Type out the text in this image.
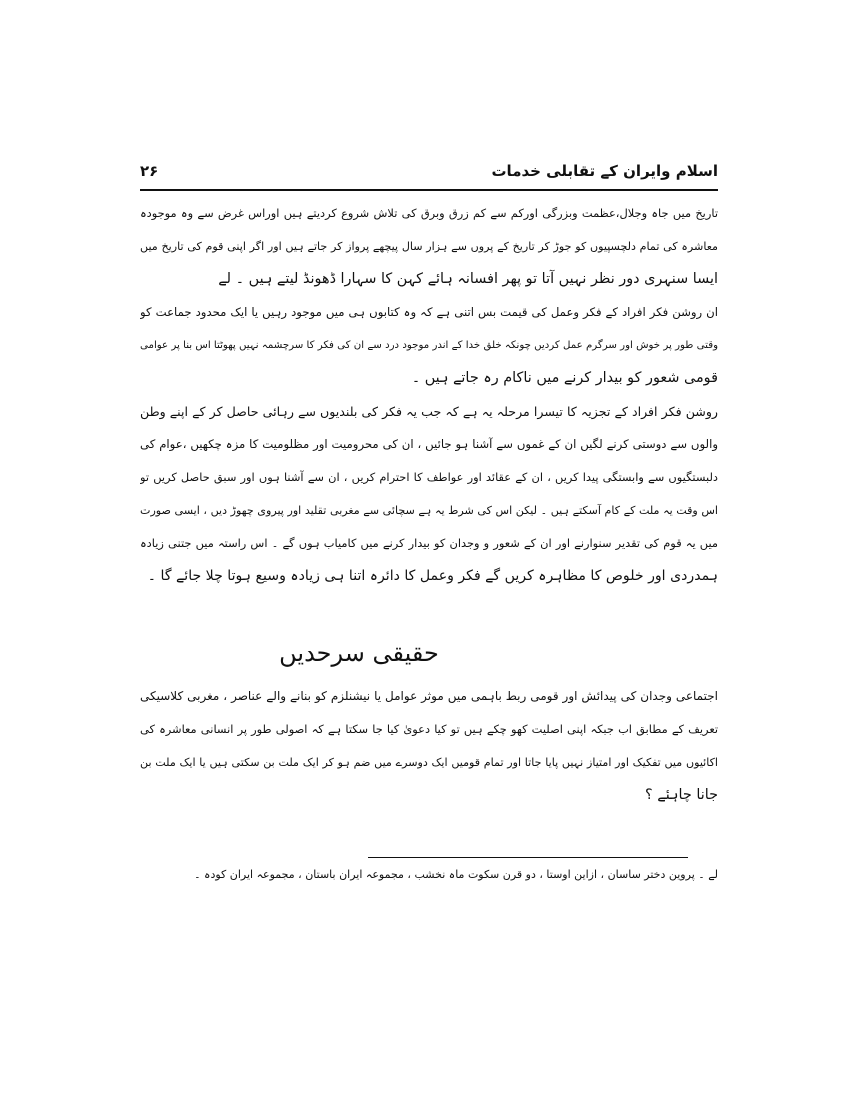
اسلام وایران کے تقابلی خدمات
۲۶
تاریخ میں جاہ وجلال،عظمت وبزرگی اورکم سے کم زرق وبرق کی تلاش شروع کردیتے ہیں اوراس غرض سے وہ موجودہ
معاشرہ کی تمام دلچسپیوں کو جوڑ کر تاریخ کے پروں سے ہزار سال پیچھے پرواز کر جاتے ہیں اور اگر اپنی قوم کی تاریخ میں
ایسا سنہری دور نظر نہیں آتا تو پھر افسانہ ہائے کہن کا سہارا ڈھونڈ لیتے ہیں ۔ لے
ان روشن فکر افراد کے فکر وعمل کی قیمت بس اتنی ہے کہ وہ کتابوں ہی میں موجود رہیں یا ایک محدود جماعت کو
وقتی طور پر خوش اور سرگرم عمل کردیں چونکہ خلق خدا کے اندر موجود درد سے ان کی فکر کا سرچشمہ نہیں پھوٹتا اس بنا پر عوامی
قومی شعور کو بیدار کرنے میں ناکام رہ جاتے ہیں ۔
روشن فکر افراد کے تجزیہ کا تیسرا مرحلہ یہ ہے کہ جب یہ فکر کی بلندیوں سے رہائی حاصل کر کے اپنے وطن
والوں سے دوستی کرنے لگیں ان کے غموں سے آشنا ہو جائیں ، ان کی محرومیت اور مظلومیت کا مزہ چکھیں ،عوام کی
دلبستگیوں سے وابستگی پیدا کریں ، ان کے عقائد اور عواطف کا احترام کریں ، ان سے آشنا ہوں اور سبق حاصل کریں تو
اس وقت یہ ملت کے کام آسکتے ہیں ۔ لیکن اس کی شرط یہ ہے سچائی سے مغربی تقلید اور پیروی چھوڑ دیں ، ایسی صورت
میں یہ قوم کی تقدیر سنوارنے اور ان کے شعور و وجدان کو بیدار کرنے میں کامیاب ہوں گے ۔ اس راستہ میں جتنی زیادہ
ہمدردی اور خلوص کا مظاہرہ کریں گے فکر وعمل کا دائرہ اتنا ہی زیادہ وسیع ہوتا چلا جائے گا ۔
حقیقی سرحدیں
اجتماعی وجدان کی پیدائش اور قومی ربط باہمی میں موثر عوامل یا نیشنلزم کو بنانے والے عناصر ، مغربی کلاسیکی
تعریف کے مطابق اب جبکہ اپنی اصلیت کھو چکے ہیں تو کیا دعویٰ کیا جا سکتا ہے کہ اصولی طور پر انسانی معاشرہ کی
اکائیوں میں تفکیک اور امتیاز نہیں پایا جاتا اور تمام قومیں ایک دوسرے میں ضم ہو کر ایک ملت بن سکتی ہیں یا ایک ملت بن
جانا چاہئے ؟
لے ۔ پروین دختر ساسان ، ازاین اوستا ، دو قرن سکوت ماہ نخشب ، مجموعہ ایران باستان ، مجموعہ ایران کودہ ۔
